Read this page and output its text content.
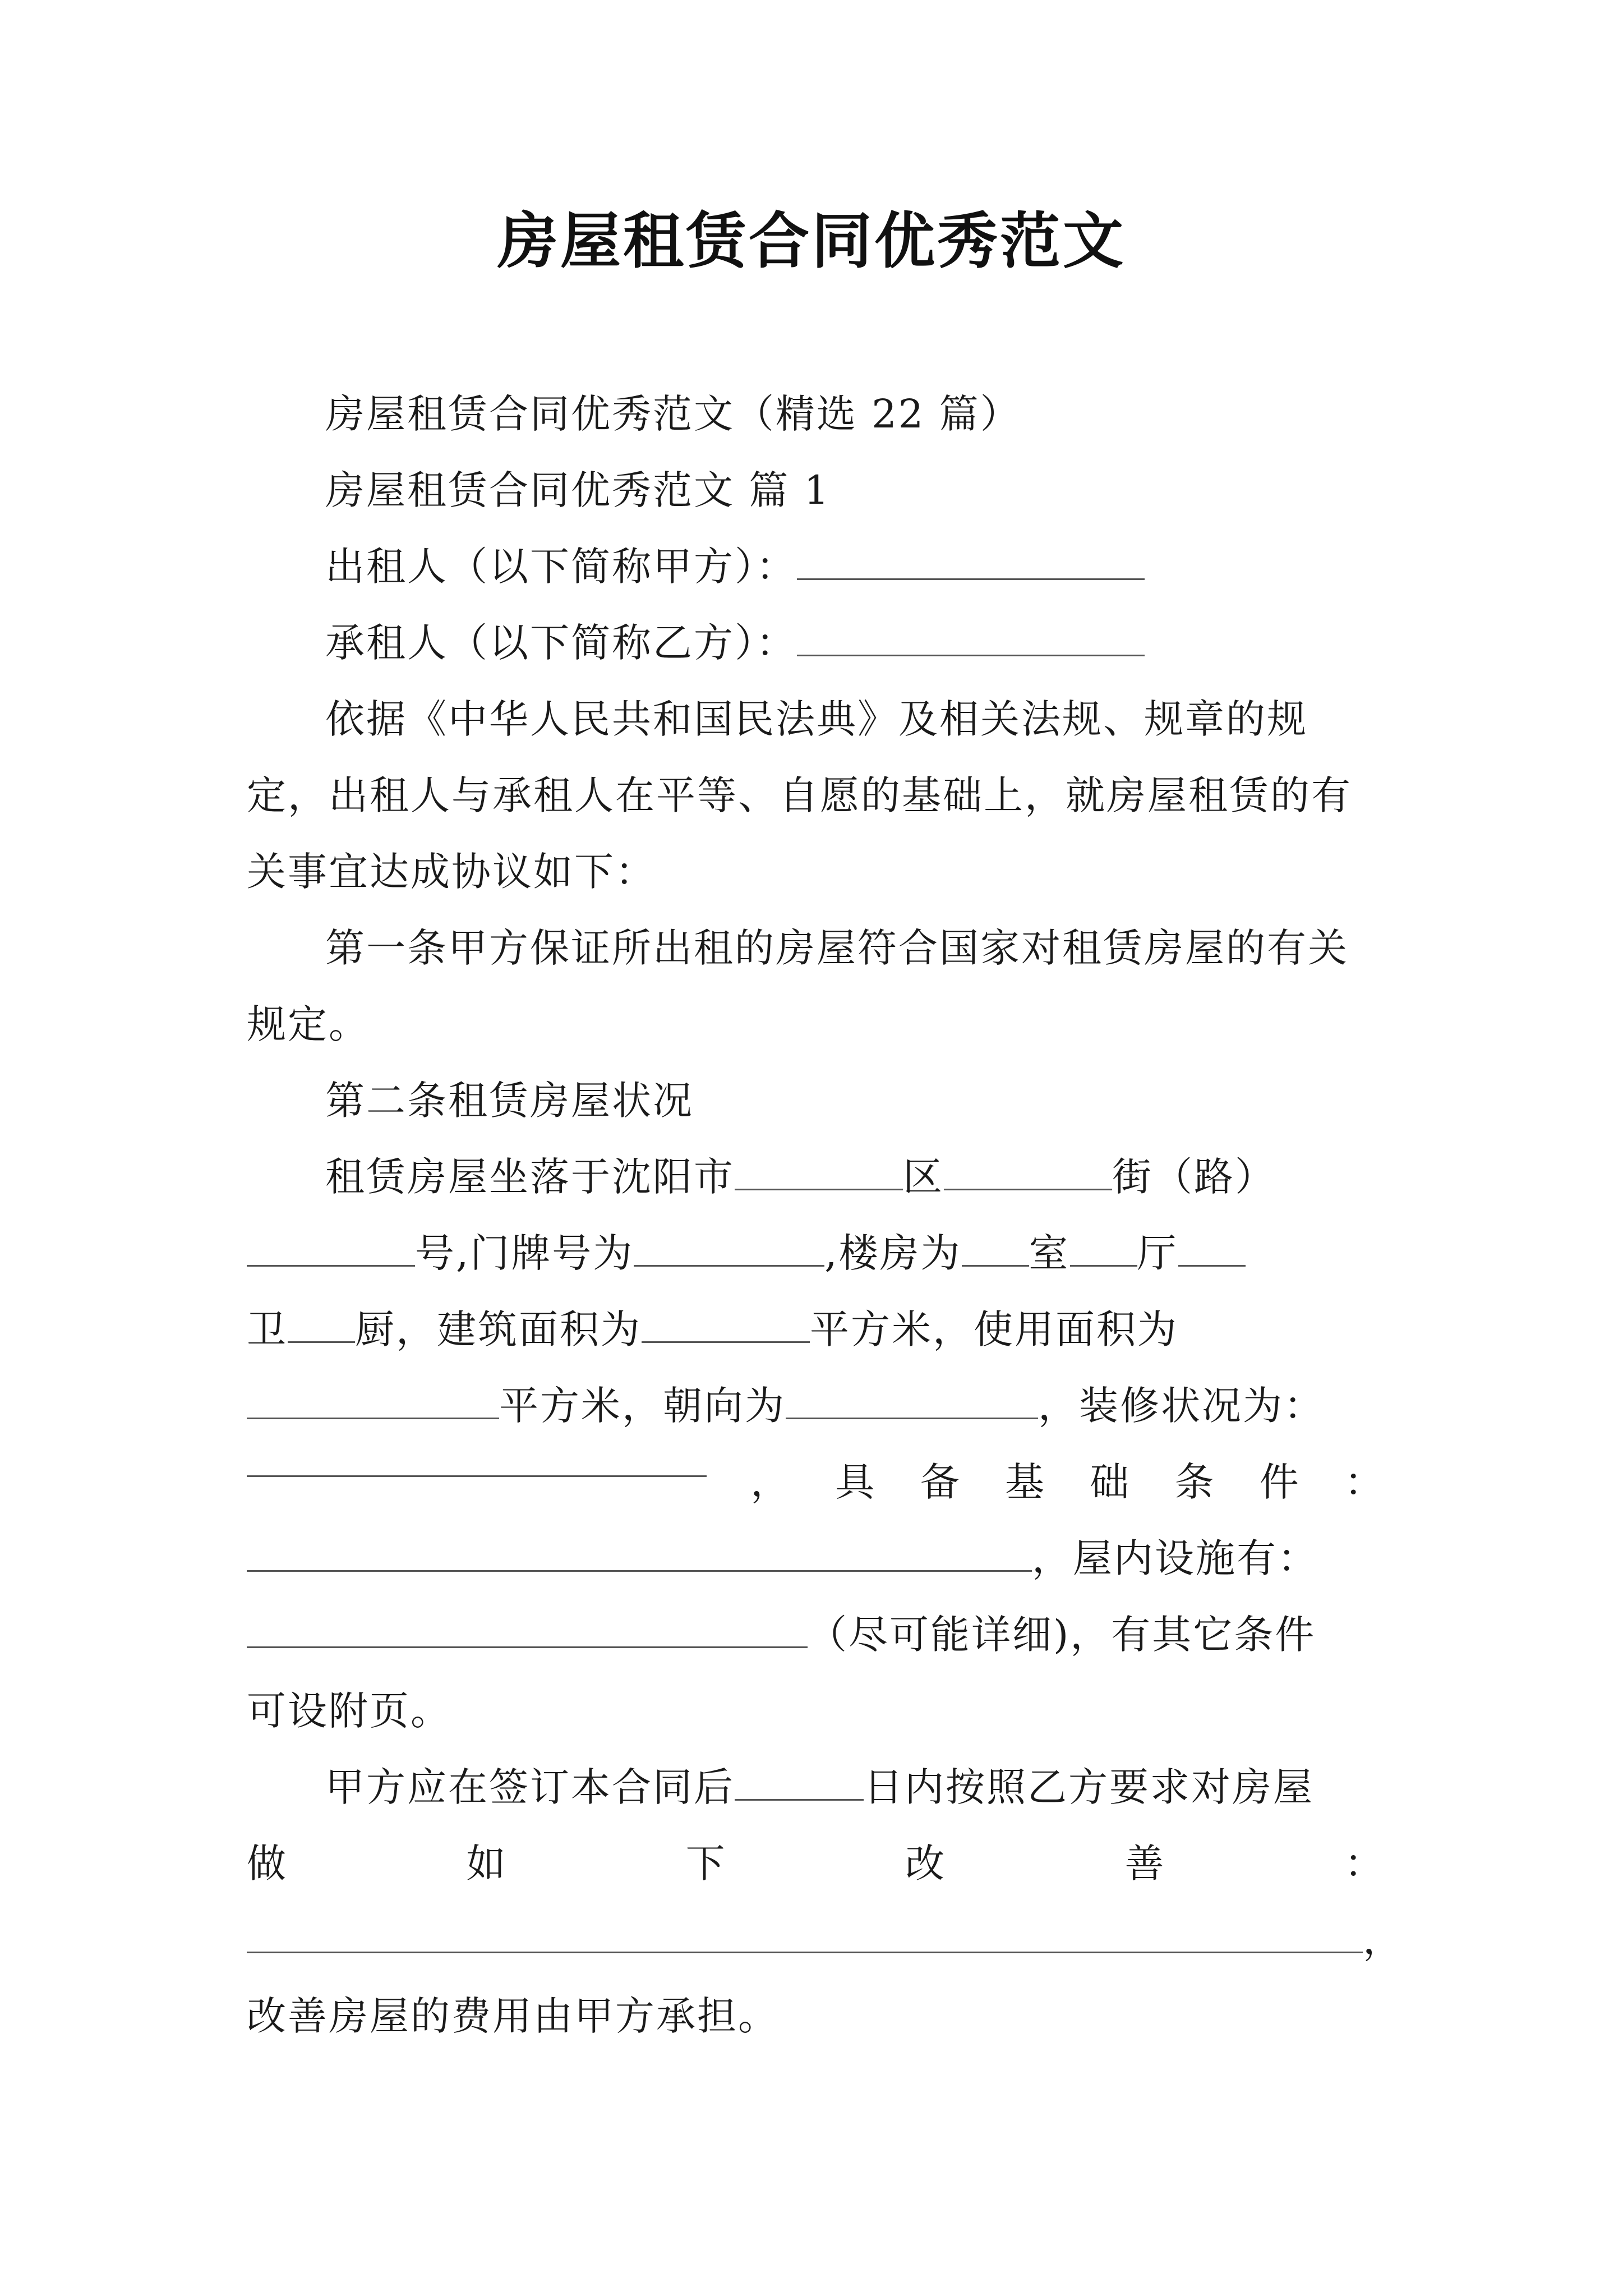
房屋租赁合同优秀范文

房屋租赁合同优秀范文（精选 22 篇）

房屋租赁合同优秀范文 篇 1

出租人（以下简称甲方）：

承租人（以下简称乙方）：

依据《中华人民共和国民法典》及相关法规、规章的规定，出租人与承租人在平等、自愿的基础上，就房屋租赁的有关事宜达成协议如下：

第一条甲方保证所出租的房屋符合国家对租赁房屋的有关规定。

第二条租赁房屋状况

租赁房屋坐落于沈阳市	区	街（路）
号,门牌号为	,楼房为 室 厅
卫 厨，建筑面积为	平方米，使用面积为
平方米，朝向为	，装修状况为：
， 具 备 基 础 条 件 ：
，屋内设施有：
（尽可能详细)，有其它条件
可设附页。
甲方应在签订本合同后	日内按照乙方要求对房屋
做	如	下	改	善	：
，
改善房屋的费用由甲方承担。
